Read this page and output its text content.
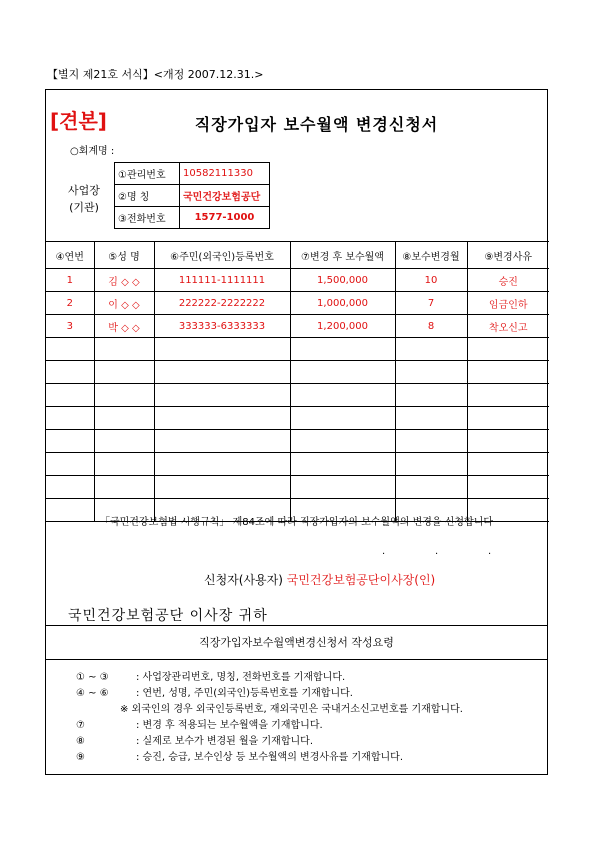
【별지 제21호 서식】<개정 2007.12.31.>
[견본]	직장가입자 보수월액 변경신청서
○회계명 :
사업장
(기관)
①관리번호	10582111330
②명 칭	국민건강보험공단
③전화번호	1577-1000
④연번	⑤성 명	⑥주민(외국인)등록번호	⑦변경 후 보수월액	⑧보수변경월	⑨변경사유
1	김 ◇ ◇	111111-1111111	1,500,000	10	승진
2	이 ◇ ◇	222222-2222222	1,000,000	7	임금인하
3	박 ◇ ◇	333333-6333333	1,200,000	8	착오신고

「국민건강보험법 시행규칙」 제84조에 따라 직장가입자의 보수월액의 변경을 신청합니다
.	.	.
신청자(사용자) 국민건강보험공단이사장(인)
국민건강보험공단 이사장 귀하
직장가입자보수월액변경신청서 작성요령
① ~ ③	: 사업장관리번호, 명칭, 전화번호를 기재합니다.
④ ~ ⑥	: 연번, 성명, 주민(외국인)등록번호를 기재합니다.
※ 외국인의 경우 외국인등록번호, 재외국민은 국내거소신고번호를 기재합니다.
⑦	: 변경 후 적용되는 보수월액을 기재합니다.
⑧	: 실제로 보수가 변경된 월을 기재합니다.
⑨	: 승진, 승급, 보수인상 등 보수월액의 변경사유를 기재합니다.
